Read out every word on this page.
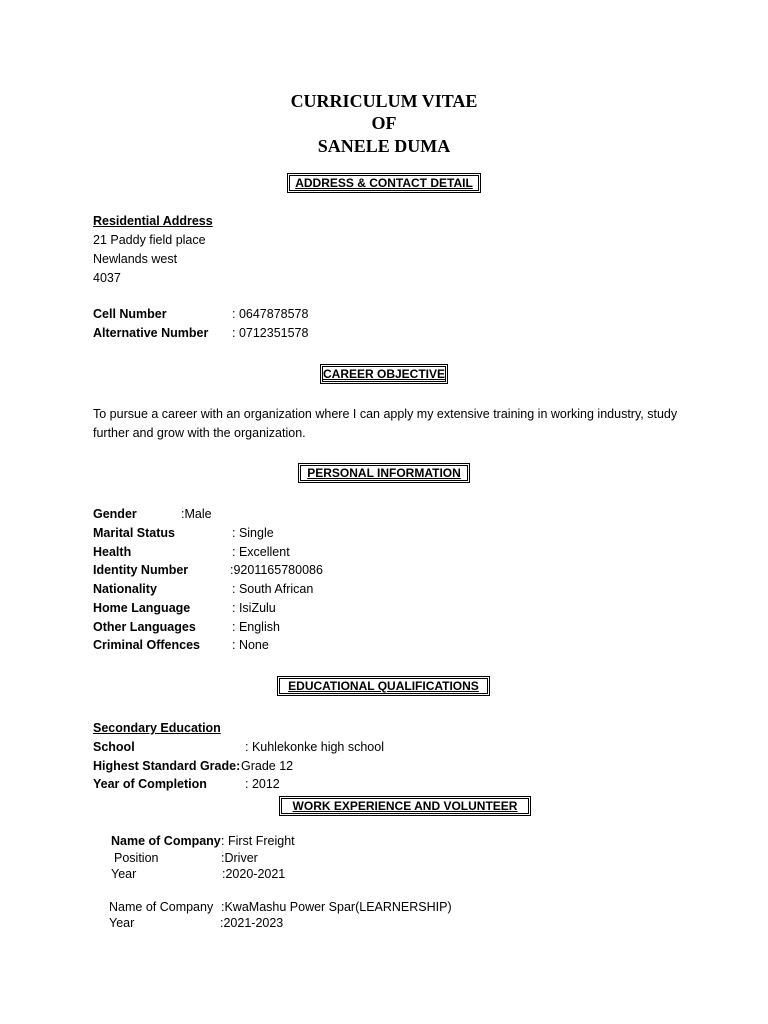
CURRICULUM VITAE
OF
SANELE DUMA
ADDRESS & CONTACT DETAIL
Residential Address
21 Paddy field place
Newlands west
4037
Cell Number	: 0647878578
Alternative Number : 0712351578
CAREER OBJECTIVE
To pursue a career with an organization where I can apply my extensive training in working industry, study further and grow with the organization.
PERSONAL INFORMATION
Gender	:Male
Marital Status	: Single
Health	: Excellent
Identity Number	:9201165780086
Nationality	: South African
Home Language	: IsiZulu
Other Languages	: English
Criminal Offences	: None
EDUCATIONAL QUALIFICATIONS
Secondary Education
School	: Kuhlekonke high school
Highest Standard Grade: Grade 12
Year of Completion	: 2012
WORK EXPERIENCE AND VOLUNTEER
Name of Company : First Freight
Position	:Driver
Year	:2020-2021
Name of Company :KwaMashu Power Spar(LEARNERSHIP)
Year	:2021-2023
